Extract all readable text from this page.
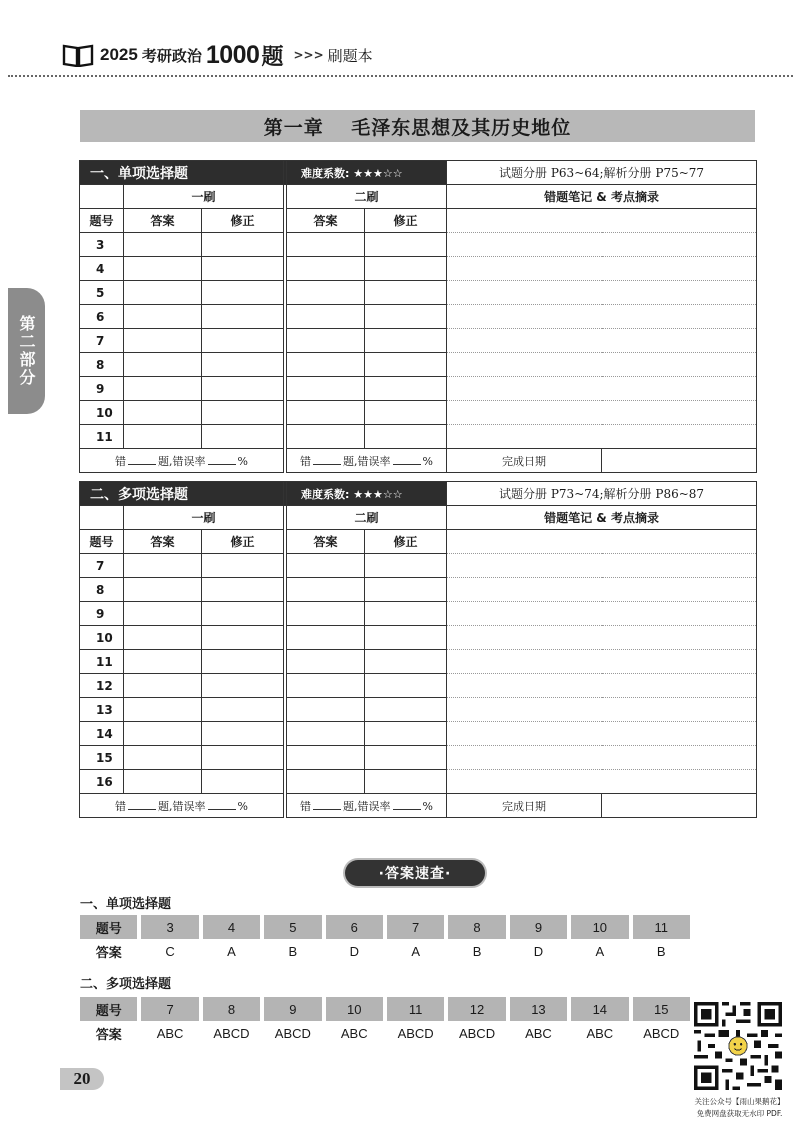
2025 考研政治 1000 题 >>> 刷题本
第一章　 毛泽东思想及其历史地位
第二部分
一、单项选择题				难度系数: ★★★☆☆		试题分册 P63~64;解析分册 P75~77	
	一刷			二刷		错题笔记 & 考点摘录	
题号	答案	修正		答案	修正		
3							
4							
5							
6							
7							
8							
9							
10							
11							
错 题,错误率 %				错 题,错误率 %		完成日期	
二、多项选择题				难度系数: ★★★☆☆		试题分册 P73~74;解析分册 P86~87	
	一刷			二刷		错题笔记 & 考点摘录	
题号	答案	修正		答案	修正		
7							
8							
9							
10							
11							
12							
13							
14							
15							
16							
错 题,错误率 %				错 题,错误率 %		完成日期	
·答案速查·
一、单项选择题
题号		3		4		5		6		7		8		9		10		11
答案		C		A		B		D		A		B		D		A		B
二、多项选择题
题号		7		8		9		10		11		12		13		14		15
答案		ABC		ABCD		ABCD		ABC		ABCD		ABCD		ABC		ABC		ABCD
20
关注公众号【雨山果鹅花】
免费网盘获取无水印 PDF.
